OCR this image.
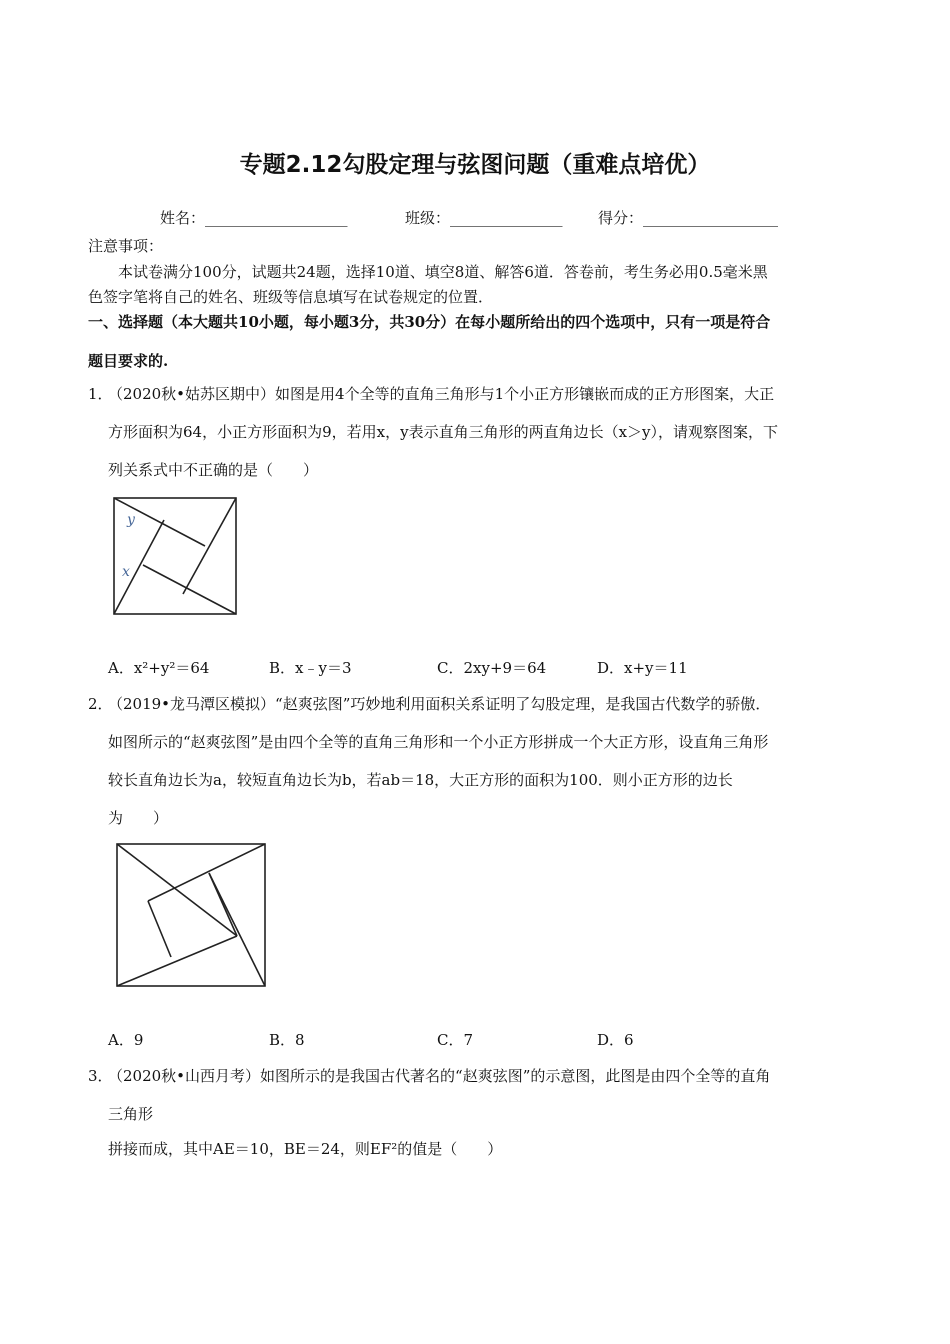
专题2.12勾股定理与弦图问题（重难点培优）
姓名：___________________	班级：_______________ 得分：__________________
注意事项：
本试卷满分100分，试题共24题，选择10道、填空8道、解答6道．答卷前，考生务必用0.5毫米黑
色签字笔将自己的姓名、班级等信息填写在试卷规定的位置．
一、选择题（本大题共10小题，每小题3分，共30分）在每小题所给出的四个选项中，只有一项是符合
题目要求的.
1．
（2020秋•姑苏区期中）如图是用4个全等的直角三角形与1个小正方形镶嵌而成的正方形图案，大正
方形面积为64，小正方形面积为9，若用x，y表示直角三角形的两直角边长（x＞y），请观察图案，下
列关系式中不正确的是（　　）
y
x
A．x²+y²＝64	B．x﹣y＝3	C．2xy+9＝64	D．x+y＝11
2．
（2019•龙马潭区模拟）“赵爽弦图”巧妙地利用面积关系证明了勾股定理，是我国古代数学的骄傲．
如图所示的“赵爽弦图”是由四个全等的直角三角形和一个小正方形拼成一个大正方形，设直角三角形
较长直角边长为a，较短直角边长为b，若ab＝18，大正方形的面积为100．则小正方形的边长
为　　）
A．9	B．8	C．7	D．6
3．
（2020秋•山西月考）如图所示的是我国古代著名的“赵爽弦图”的示意图，此图是由四个全等的直角
三角形
拼接而成，其中AE＝10，BE＝24，则EF²的值是（　　）
